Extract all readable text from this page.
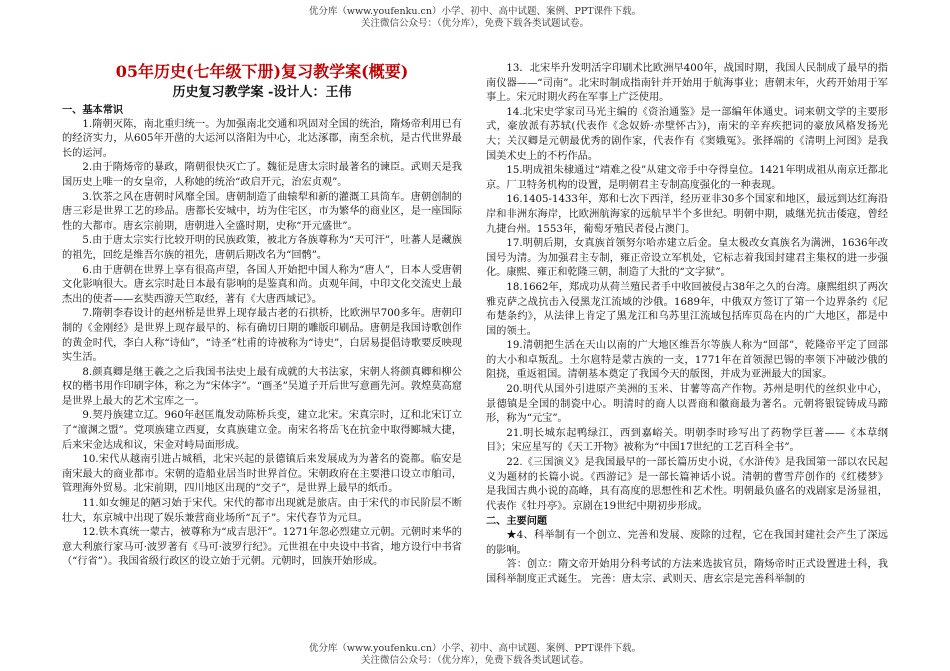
优分库（www.youfenku.cn）小学、初中、高中试题、案例、PPT课件下载。
关注微信公众号：（优分库），免费下载各类试题试卷。

05年历史(七年级下册)复习教学案(概要)

历史复习教学案 -设计人：王伟

一、基本常识

1.隋朝灭陈，南北重归统一。为加强南北交通和巩固对全国的统治，隋炀帝利用已有的经济实力，从605年开凿的大运河以洛阳为中心，北达涿郡，南至余杭，是古代世界最长的运河。

2.由于隋炀帝的暴政，隋朝很快灭亡了。魏征是唐太宗时最著名的谏臣。武则天是我国历史上唯一的女皇帝，人称她的统治“政启开元，治宏贞观”。

3.饮茶之风在唐朝时风靡全国。唐朝制造了曲辕犁和新的灌溉工具筒车。唐朝创制的唐三彩是世界工艺的珍品。唐都长安城中，坊为住宅区，市为繁华的商业区，是一座国际性的大都市。唐玄宗前期，唐朝进入全盛时期，史称“开元盛世”。

5.由于唐太宗实行比较开明的民族政策，被北方各族尊称为“天可汗”，吐蕃人是藏族的祖先，回纥是维吾尔族的祖先，唐朝后期改名为“回鹘”。

6.由于唐朝在世界上享有很高声望，各国人开始把中国人称为“唐人”，日本人受唐朝文化影响很大。唐玄宗时赴日本最有影响的是鉴真和尚。贞观年间，中印文化交流史上最杰出的使者——玄奘西游天竺取经，著有《大唐西域记》。

7.隋朝李春设计的赵州桥是世界上现存最古老的石拱桥，比欧洲早700多年。唐朝印制的《金刚经》是世界上现存最早的、标有确切日期的雕版印刷品。唐朝是我国诗歌创作的黄金时代，李白人称“诗仙”，“诗圣”杜甫的诗被称为“诗史”，白居易提倡诗歌要反映现实生活。

8.颜真卿是继王羲之之后我国书法史上最有成就的大书法家，宋朝人将颜真卿和柳公权的楷书用作印刷字体，称之为“宋体字”。“画圣”吴道子开后世写意画先河。敦煌莫高窟是世界上最大的艺术宝库之一。

9.契丹族建立辽。960年赵匡胤发动陈桥兵变，建立北宋。宋真宗时，辽和北宋订立了“澶渊之盟”。党项族建立西夏，女真族建立金。南宋名将岳飞在抗金中取得郾城大捷，后来宋金达成和议，宋金对峙局面形成。

10.宋代从越南引进占城稻，北宋兴起的景德镇后来发展成为为著名的瓷都。临安是南宋最大的商业都市。宋朝的造船业居当时世界首位。宋朝政府在主要港口设立市舶司，管理海外贸易。北宋前期，四川地区出现的“交子”，是世界上最早的纸币。

11.如女缠足的陋习始于宋代。宋代的都市出现就是旅店。由于宋代的市民阶层不断壮大，东京城中出现了娱乐兼营商业场所“瓦子”。宋代春节为元旦。

12.铁木真统一蒙古，被尊称为“成吉思汗”。1271年忽必烈建立元朝。元朝时来华的意大利旅行家马可·波罗著有《马可·波罗行纪》。元世祖在中央设中书省，地方设行中书省（“行省”）。我国省级行政区的设立始于元朝。元朝时，回族开始形成。

13．北宋毕升发明活字印刷术比欧洲早400年，战国时期，我国人民制成了最早的指南仪器——“司南”。北宋时制成指南针并开始用于航海事业；唐朝末年，火药开始用于军事上。宋元时期火药在军事上广泛使用。

14.北宋史学家司马光主编的《资治通鉴》是一部编年体通史。词来朝文学的主要形式，豪放派有苏轼(代表作《念奴娇·赤壁怀古》)，南宋的辛弃疾把词的豪放风格发扬光大；关汉卿是元朝最优秀的剧作家，代表作有《窦娥冤》。张择端的《清明上河图》是我国美术史上的不朽作品。

15.明成祖朱棣通过“靖难之役”从建文帝手中夺得皇位。1421年明成祖从南京迁都北京。厂卫特务机构的设置，是明朝君主专制高度强化的一种表现。

16.1405-1433年，郑和七次下西洋，经历亚非30多个国家和地区，最远到达红海沿岸和非洲东海岸，比欧洲航海家的远航早半个多世纪。明朝中期，戚继光抗击倭寇，曾经九捷台州。1553年，葡萄牙殖民者侵占澳门。

17.明朝后期，女真族首领努尔哈赤建立后金。皇太极改女真族名为满洲，1636年改国号为清。为加强君主专制，雍正帝设立军机处，它标志着我国封建君主集权的进一步强化。康熙、雍正和乾隆三朝，制造了大批的“文字狱”。

18.1662年，郑成功从荷兰殖民者手中收回被侵占38年之久的台湾。康熙组织了两次雅克萨之战抗击入侵黑龙江流域的沙俄。1689年，中俄双方签订了第一个边界条约《尼布楚条约》，从法律上肯定了黑龙江和乌苏里江流域包括库页岛在内的广大地区，都是中国的领土。

19.清朝把生活在天山以南的广大地区维吾尔等族人称为“回部”，乾隆帝平定了回部的大小和卓叛乱。土尔扈特是蒙古族的一支，1771年在首领渥巴锡的率领下冲破沙俄的阻挠，重返祖国。清朝基本奠定了我国今天的版图，并成为亚洲最大的国家。

20.明代从国外引进原产美洲的玉米、甘薯等高产作物。苏州是明代的丝织业中心，景德镇是全国的制瓷中心。明清时的商人以晋商和徽商最为著名。元朝将银锭铸成马蹄形，称为“元宝”。

21.明长城东起鸭绿江，西到嘉峪关。明朝李时珍写出了药物学巨著——《本草纲目》；宋应星写的《天工开物》被称为“中国17世纪的工艺百科全书”。

22.《三国演义》是我国最早的一部长篇历史小说，《水浒传》是我国第一部以农民起义为题材的长篇小说。《西游记》是一部长篇神话小说。清朝的曹雪芹创作的《红楼梦》是我国古典小说的高峰，具有高度的思想性和艺术性。明朝最负盛名的戏剧家是汤显祖，代表作《牡丹亭》。京剧在19世纪中期初步形成。

二、主要问题

★4、科举制有一个创立、完善和发展、废除的过程，它在我国封建社会产生了深远的影响。

答：创立：隋文帝开始用分科考试的方法来选拔官员，隋炀帝时正式设置进士科，我国科举制度正式诞生。 完善：唐太宗、武则天、唐玄宗是完善科举制的

优分库（www.youfenku.cn）小学、初中、高中试题、案例、PPT课件下载。
关注微信公众号：（优分库），免费下载各类试题试卷。
